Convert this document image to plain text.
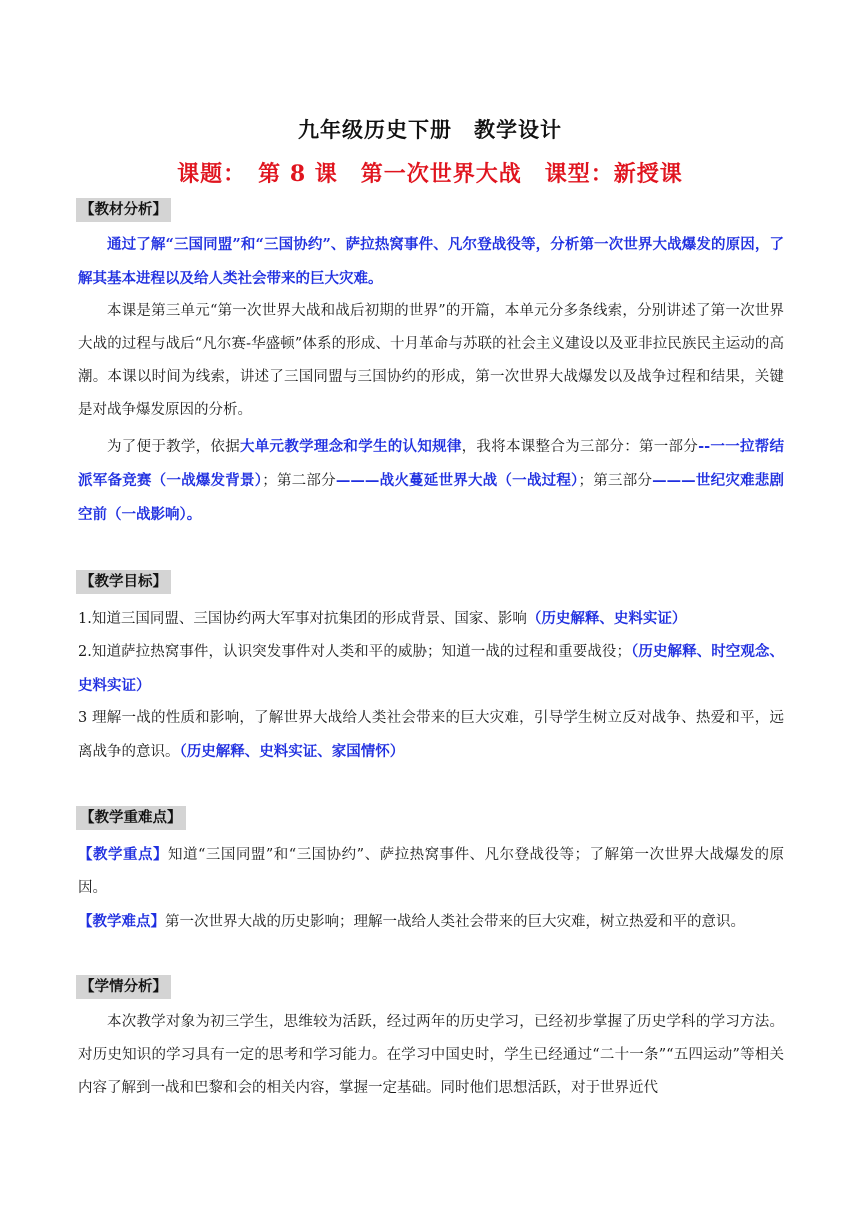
九年级历史下册　教学设计
课题：　第 8 课　第一次世界大战　课型：新授课
【教材分析】

通过了解“三国同盟”和“三国协约”、萨拉热窝事件、凡尔登战役等，分析第一次世界大战爆发的原因，了解其基本进程以及给人类社会带来的巨大灾难。

本课是第三单元“第一次世界大战和战后初期的世界”的开篇，本单元分多条线索，分别讲述了第一次世界大战的过程与战后“凡尔赛-华盛顿”体系的形成、十月革命与苏联的社会主义建设以及亚非拉民族民主运动的高潮。本课以时间为线索，讲述了三国同盟与三国协约的形成，第一次世界大战爆发以及战争过程和结果，关键是对战争爆发原因的分析。

为了便于教学，依据大单元教学理念和学生的认知规律，我将本课整合为三部分：第一部分--一一拉帮结派军备竞赛（一战爆发背景）；第二部分———战火蔓延世界大战（一战过程）；第三部分———世纪灾难悲剧空前（一战影响）。

【教学目标】

1.知道三国同盟、三国协约两大军事对抗集团的形成背景、国家、影响（历史解释、史料实证）

2.知道萨拉热窝事件，认识突发事件对人类和平的威胁；知道一战的过程和重要战役；（历史解释、时空观念、史料实证）

3 理解一战的性质和影响，了解世界大战给人类社会带来的巨大灾难，引导学生树立反对战争、热爱和平，远离战争的意识。（历史解释、史料实证、家国情怀）

【教学重难点】

【教学重点】知道“三国同盟”和“三国协约”、萨拉热窝事件、凡尔登战役等；了解第一次世界大战爆发的原因。

【教学难点】第一次世界大战的历史影响；理解一战给人类社会带来的巨大灾难，树立热爱和平的意识。

【学情分析】

本次教学对象为初三学生，思维较为活跃，经过两年的历史学习，已经初步掌握了历史学科的学习方法。对历史知识的学习具有一定的思考和学习能力。在学习中国史时，学生已经通过“二十一条”“五四运动”等相关内容了解到一战和巴黎和会的相关内容，掌握一定基础。同时他们思想活跃，对于世界近代
